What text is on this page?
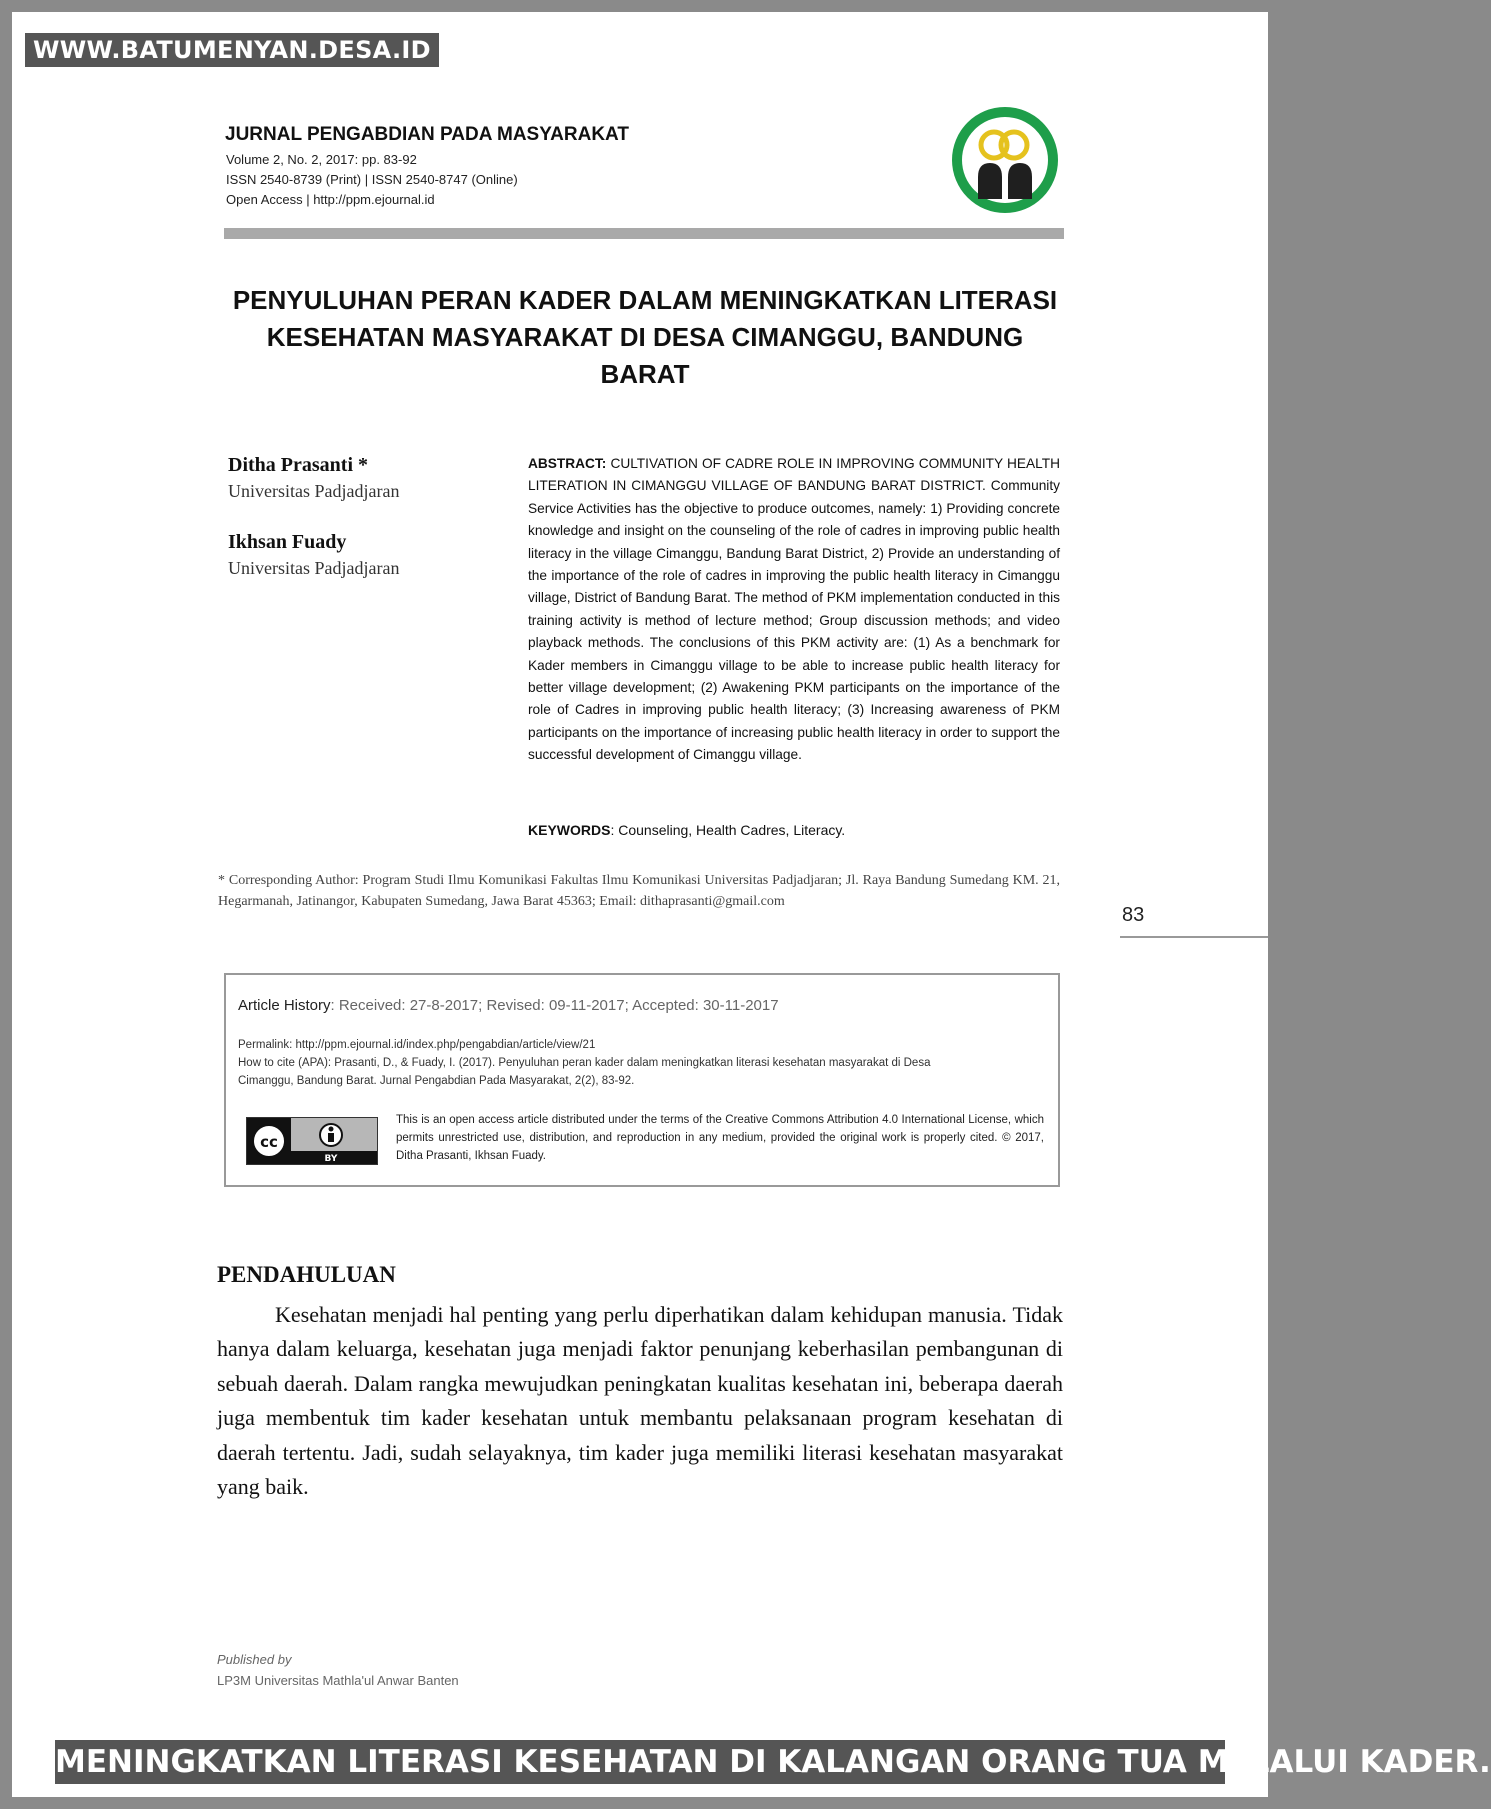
WWW.BATUMENYAN.DESA.ID
JURNAL PENGABDIAN PADA MASYARAKAT
Volume 2, No. 2, 2017: pp. 83-92
ISSN 2540-8739 (Print) | ISSN 2540-8747 (Online)
Open Access | http://ppm.ejournal.id
PENYULUHAN PERAN KADER DALAM MENINGKATKAN LITERASI KESEHATAN MASYARAKAT DI DESA CIMANGGU, BANDUNG BARAT
Ditha Prasanti *
Universitas Padjadjaran
Ikhsan Fuady
Universitas Padjadjaran

ABSTRACT: CULTIVATION OF CADRE ROLE IN IMPROVING COMMUNITY HEALTH LITERATION IN CIMANGGU VILLAGE OF BANDUNG BARAT DISTRICT. Community Service Activities has the objective to produce outcomes, namely: 1) Providing concrete knowledge and insight on the counseling of the role of cadres in improving public health literacy in the village Cimanggu, Bandung Barat District, 2) Provide an understanding of the importance of the role of cadres in improving the public health literacy in Cimanggu village, District of Bandung Barat. The method of PKM implementation conducted in this training activity is method of lecture method; Group discussion methods; and video playback methods. The conclusions of this PKM activity are: (1) As a benchmark for Kader members in Cimanggu village to be able to increase public health literacy for better village development; (2) Awakening PKM participants on the importance of the role of Cadres in improving public health literacy; (3) Increasing awareness of PKM participants on the importance of increasing public health literacy in order to support the successful development of Cimanggu village.

KEYWORDS: Counseling, Health Cadres, Literacy.

* Corresponding Author: Program Studi Ilmu Komunikasi Fakultas Ilmu Komunikasi Universitas Padjadjaran; Jl. Raya Bandung Sumedang KM. 21, Hegarmanah, Jatinangor, Kabupaten Sumedang, Jawa Barat 45363; Email: dithaprasanti@gmail.com

83
Article History: Received: 27-8-2017; Revised: 09-11-2017; Accepted: 30-11-2017
Permalink: http://ppm.ejournal.id/index.php/pengabdian/article/view/21
How to cite (APA): Prasanti, D., & Fuady, I. (2017). Penyuluhan peran kader dalam meningkatkan literasi kesehatan masyarakat di Desa
Cimanggu, Bandung Barat. Jurnal Pengabdian Pada Masyarakat, 2(2), 83-92.
cc
BY

This is an open access article distributed under the terms of the Creative Commons Attribution 4.0 International License, which permits unrestricted use, distribution, and reproduction in any medium, provided the original work is properly cited. © 2017, Ditha Prasanti, Ikhsan Fuady.

PENDAHULUAN

Kesehatan menjadi hal penting yang perlu diperhatikan dalam kehidupan manusia. Tidak hanya dalam keluarga, kesehatan juga menjadi faktor penunjang keberhasilan pembangunan di sebuah daerah. Dalam rangka mewujudkan peningkatan kualitas kesehatan ini, beberapa daerah juga membentuk tim kader kesehatan untuk membantu pelaksanaan program kesehatan di daerah tertentu. Jadi, sudah selayaknya, tim kader juga memiliki literasi kesehatan masyarakat yang baik.

Published by
LP3M Universitas Mathla'ul Anwar Banten
MENINGKATKAN LITERASI KESEHATAN DI KALANGAN ORANG TUA MELALUI KADER.
